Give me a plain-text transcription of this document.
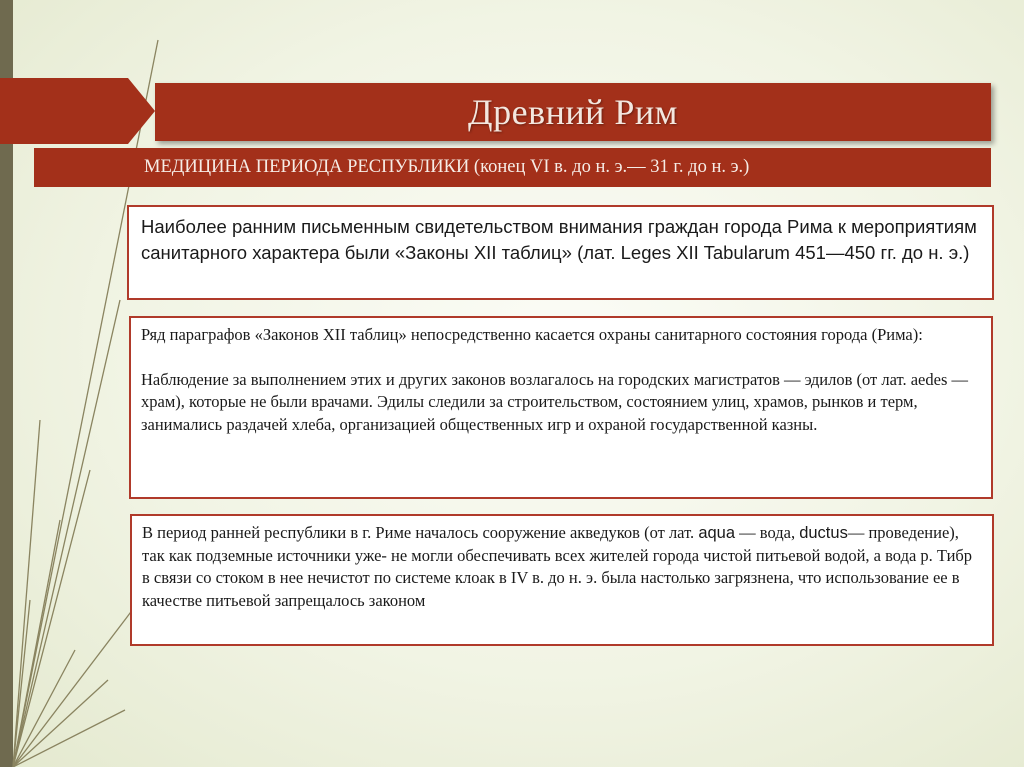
Древний Рим
МЕДИЦИНА ПЕРИОДА РЕСПУБЛИКИ (конец VI в. до н. э.— 31 г. до н. э.)

Наиболее ранним письменным свидетельством внимания граждан города Рима к мероприятиям санитарного характера были «Законы XII таблиц» (лат. Leges XII Tabularum 451—450 гг. до н. э.)

Ряд параграфов «Законов XII таблиц» непосредственно касается охраны санитарного состояния города (Рима):

Наблюдение за выполнением этих и других законов возлагалось на городских магистратов — эдилов (от лат. aedes — храм), которые не были врачами. Эдилы следили за строительством, состоянием улиц, храмов, рынков и терм, занимались раздачей хлеба, организацией общественных игр и охраной государственной казны.

В период ранней республики в г. Риме началось сооружение акведуков (от лат. aqua — вода, ductus— проведение), так как подземные источники уже- не могли обеспечивать всех жителей города чистой питьевой водой, а вода р. Тибр в связи со стоком в нее нечистот по системе клоак в IV в. до н. э. была настолько загрязнена, что использование ее в качестве питьевой запрещалось законом
